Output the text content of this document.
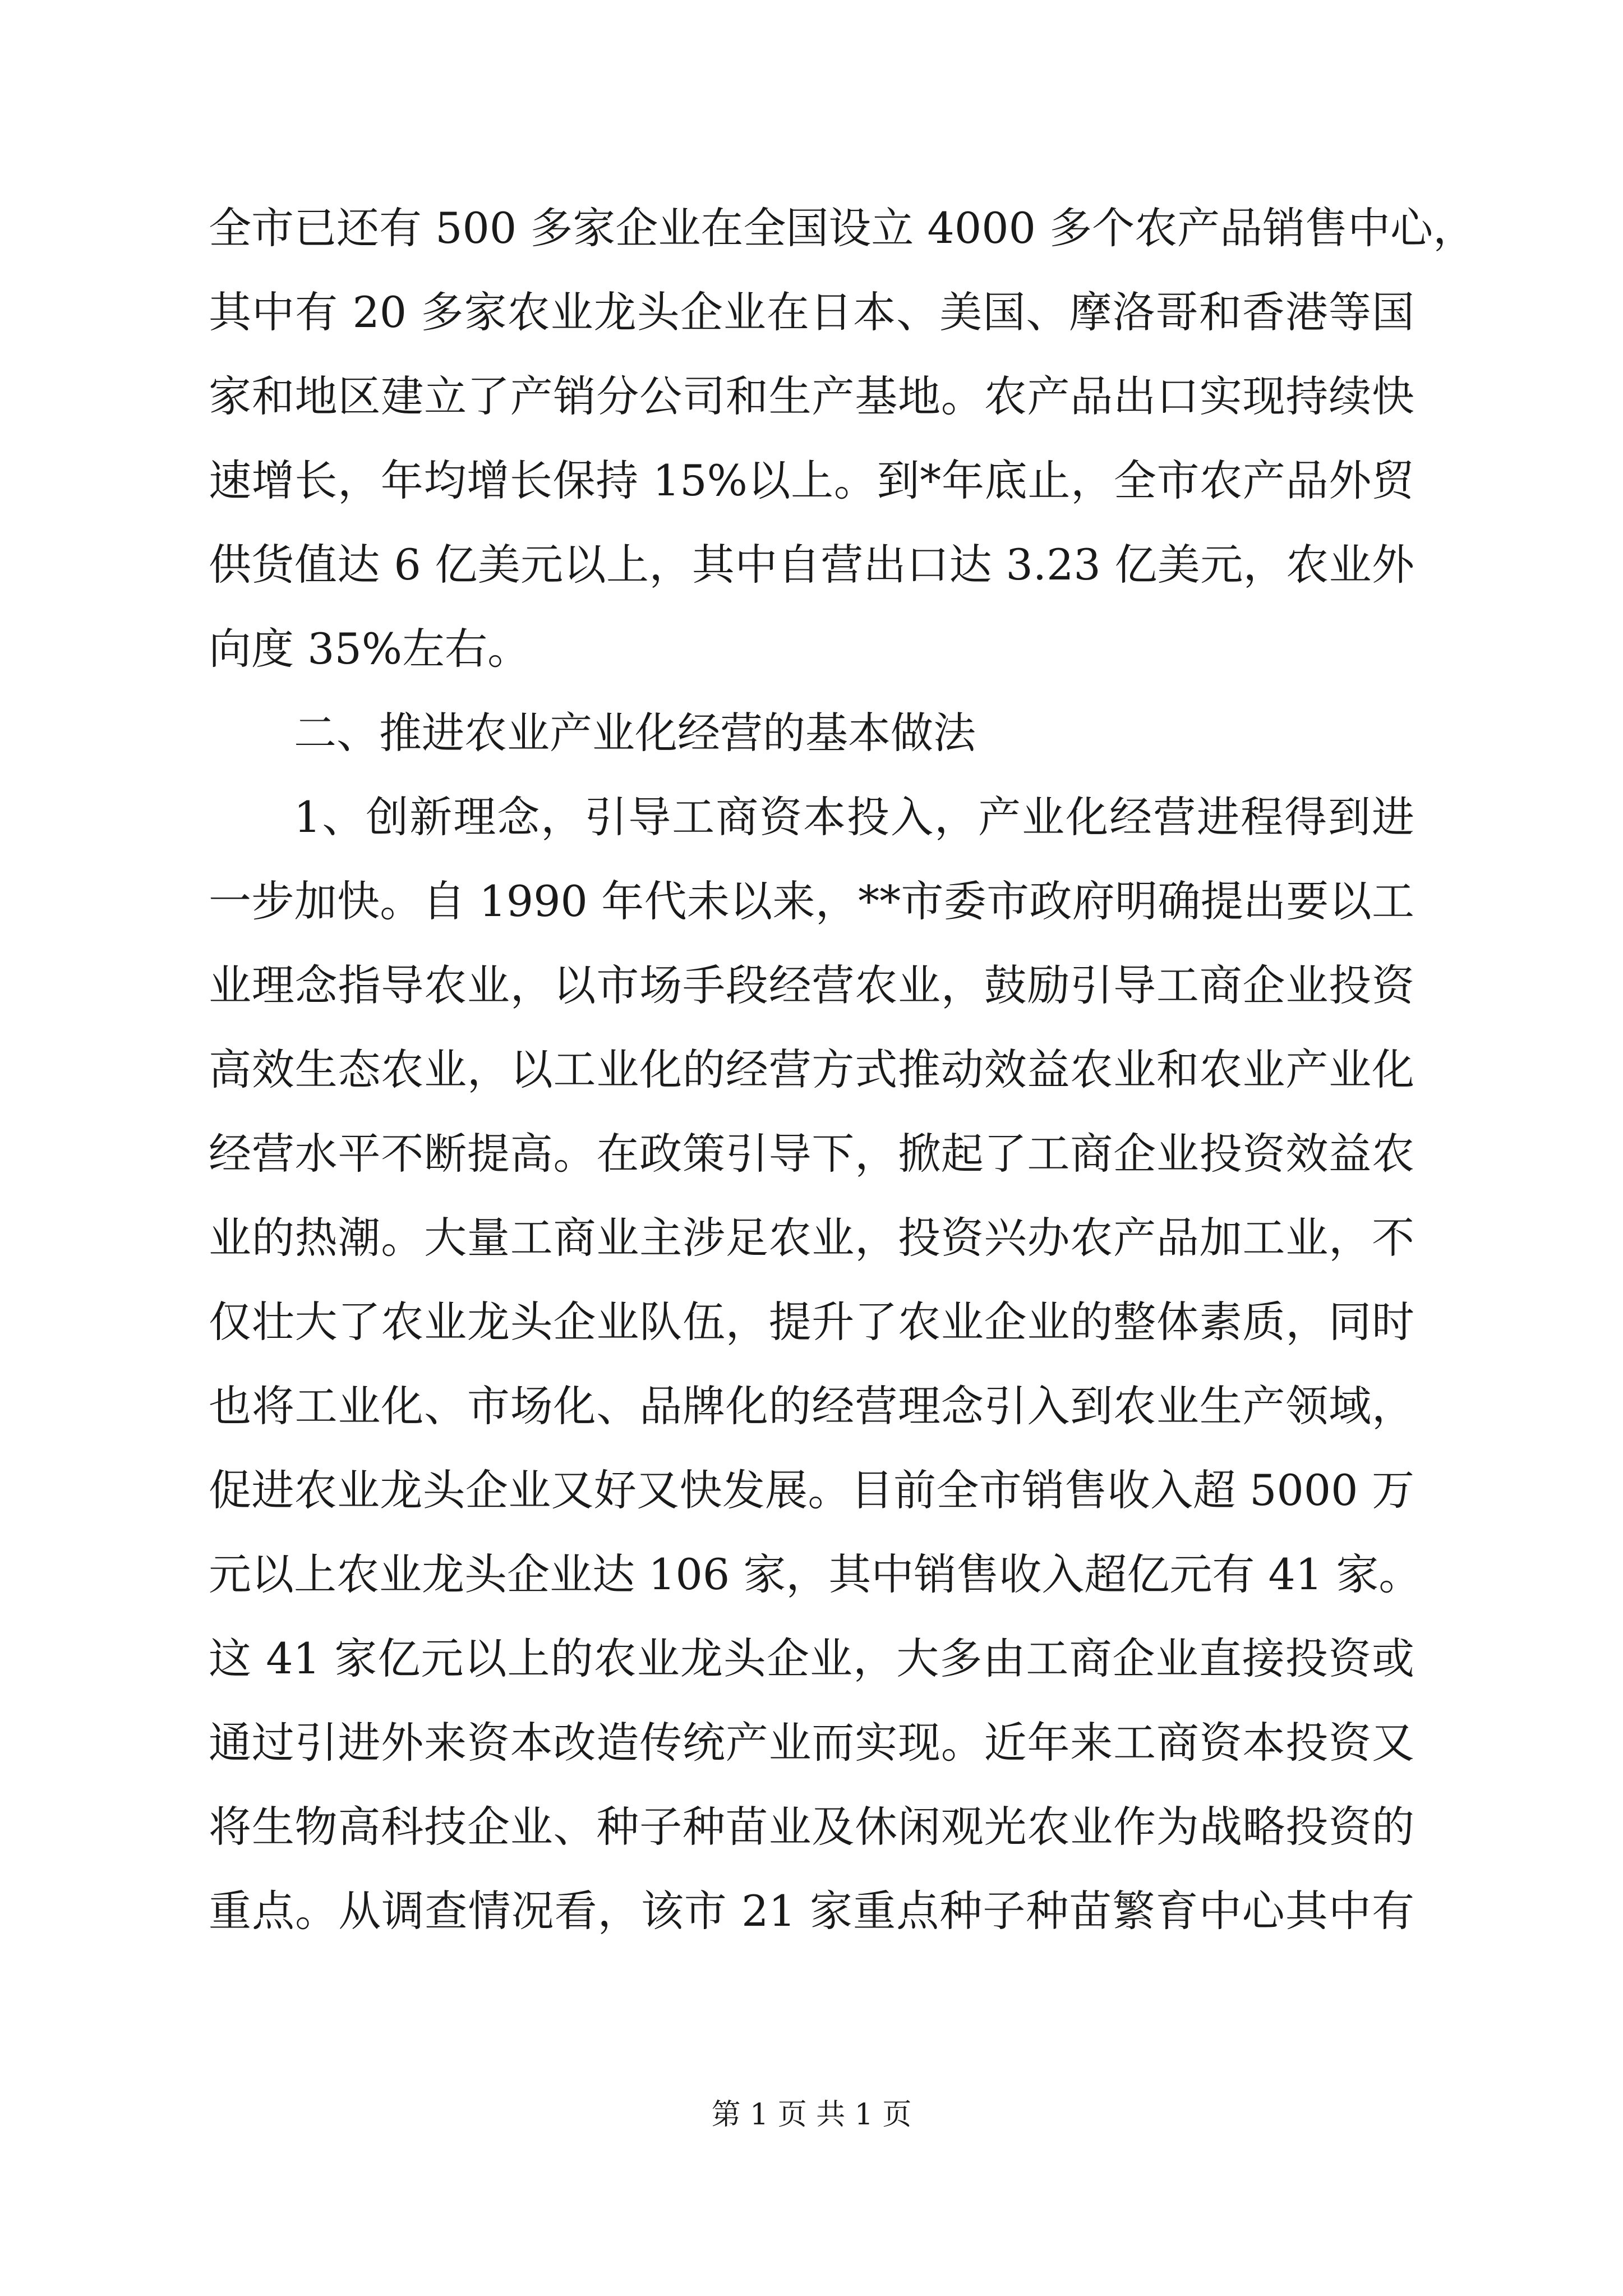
全市已还有 500 多家企业在全国设立 4000 多个农产品销售中心，
其中有 20 多家农业龙头企业在日本、美国、摩洛哥和香港等国
家和地区建立了产销分公司和生产基地。农产品出口实现持续快
速增长，年均增长保持 15%以上。到*年底止，全市农产品外贸
供货值达 6 亿美元以上，其中自营出口达 3.23 亿美元，农业外
向度 35%左右。
二、推进农业产业化经营的基本做法
1、创新理念，引导工商资本投入，产业化经营进程得到进
一步加快。自 1990 年代未以来，**市委市政府明确提出要以工
业理念指导农业，以市场手段经营农业，鼓励引导工商企业投资
高效生态农业，以工业化的经营方式推动效益农业和农业产业化
经营水平不断提高。在政策引导下，掀起了工商企业投资效益农
业的热潮。大量工商业主涉足农业，投资兴办农产品加工业，不
仅壮大了农业龙头企业队伍，提升了农业企业的整体素质，同时
也将工业化、市场化、品牌化的经营理念引入到农业生产领域，
促进农业龙头企业又好又快发展。目前全市销售收入超 5000 万
元以上农业龙头企业达 106 家，其中销售收入超亿元有 41 家。
这 41 家亿元以上的农业龙头企业，大多由工商企业直接投资或
通过引进外来资本改造传统产业而实现。近年来工商资本投资又
将生物高科技企业、种子种苗业及休闲观光农业作为战略投资的
重点。从调查情况看，该市 21 家重点种子种苗繁育中心其中有
第 1 页 共 1 页
